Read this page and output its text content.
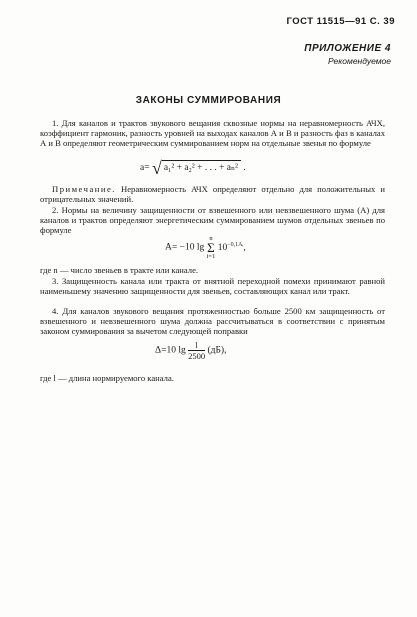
ГОСТ 11515—91 С. 39
ПРИЛОЖЕНИЕ 4
Рекомендуемое
ЗАКОНЫ СУММИРОВАНИЯ

1. Для каналов и трактов звукового вещания сквозные нормы на неравномерность АЧХ, коэффициент гармоник, разность уровней на выходах каналов А и В и разность фаз в каналах А и В определяют геометрическим суммированием норм на отдельные звенья по формуле

а= √ a₁² + a₂² + . . . + aₙ² .

Примечание. Неравномерность АЧХ определяют отдельно для положительных и отрицательных значений.

2. Нормы на величину защищенности от взвешенного или невзвешенного шума (А) для каналов и трактов определяют энергетическим суммированием шумов отдельных звеньев по формуле

A= −10 lg
n
Σ
i=1
$10^{-0,1Aᵢ}$,

где n — число звеньев в тракте или канале.

3. Защищенность канала или тракта от внятной переходной помехи принимают равной наименьшему значению защищенности для звеньев, составляющих канал или тракт.

4. Для каналов звукового вещания протяженностью больше 2500 км защищенность от взвешенного и невзвешенного шума должна рассчитываться в соответствии с принятым законом суммирования за вычетом следующей поправки

Δ=10 $\lg \frac{l}{2500} (дБ)$,

где l — длина нормируемого канала.
